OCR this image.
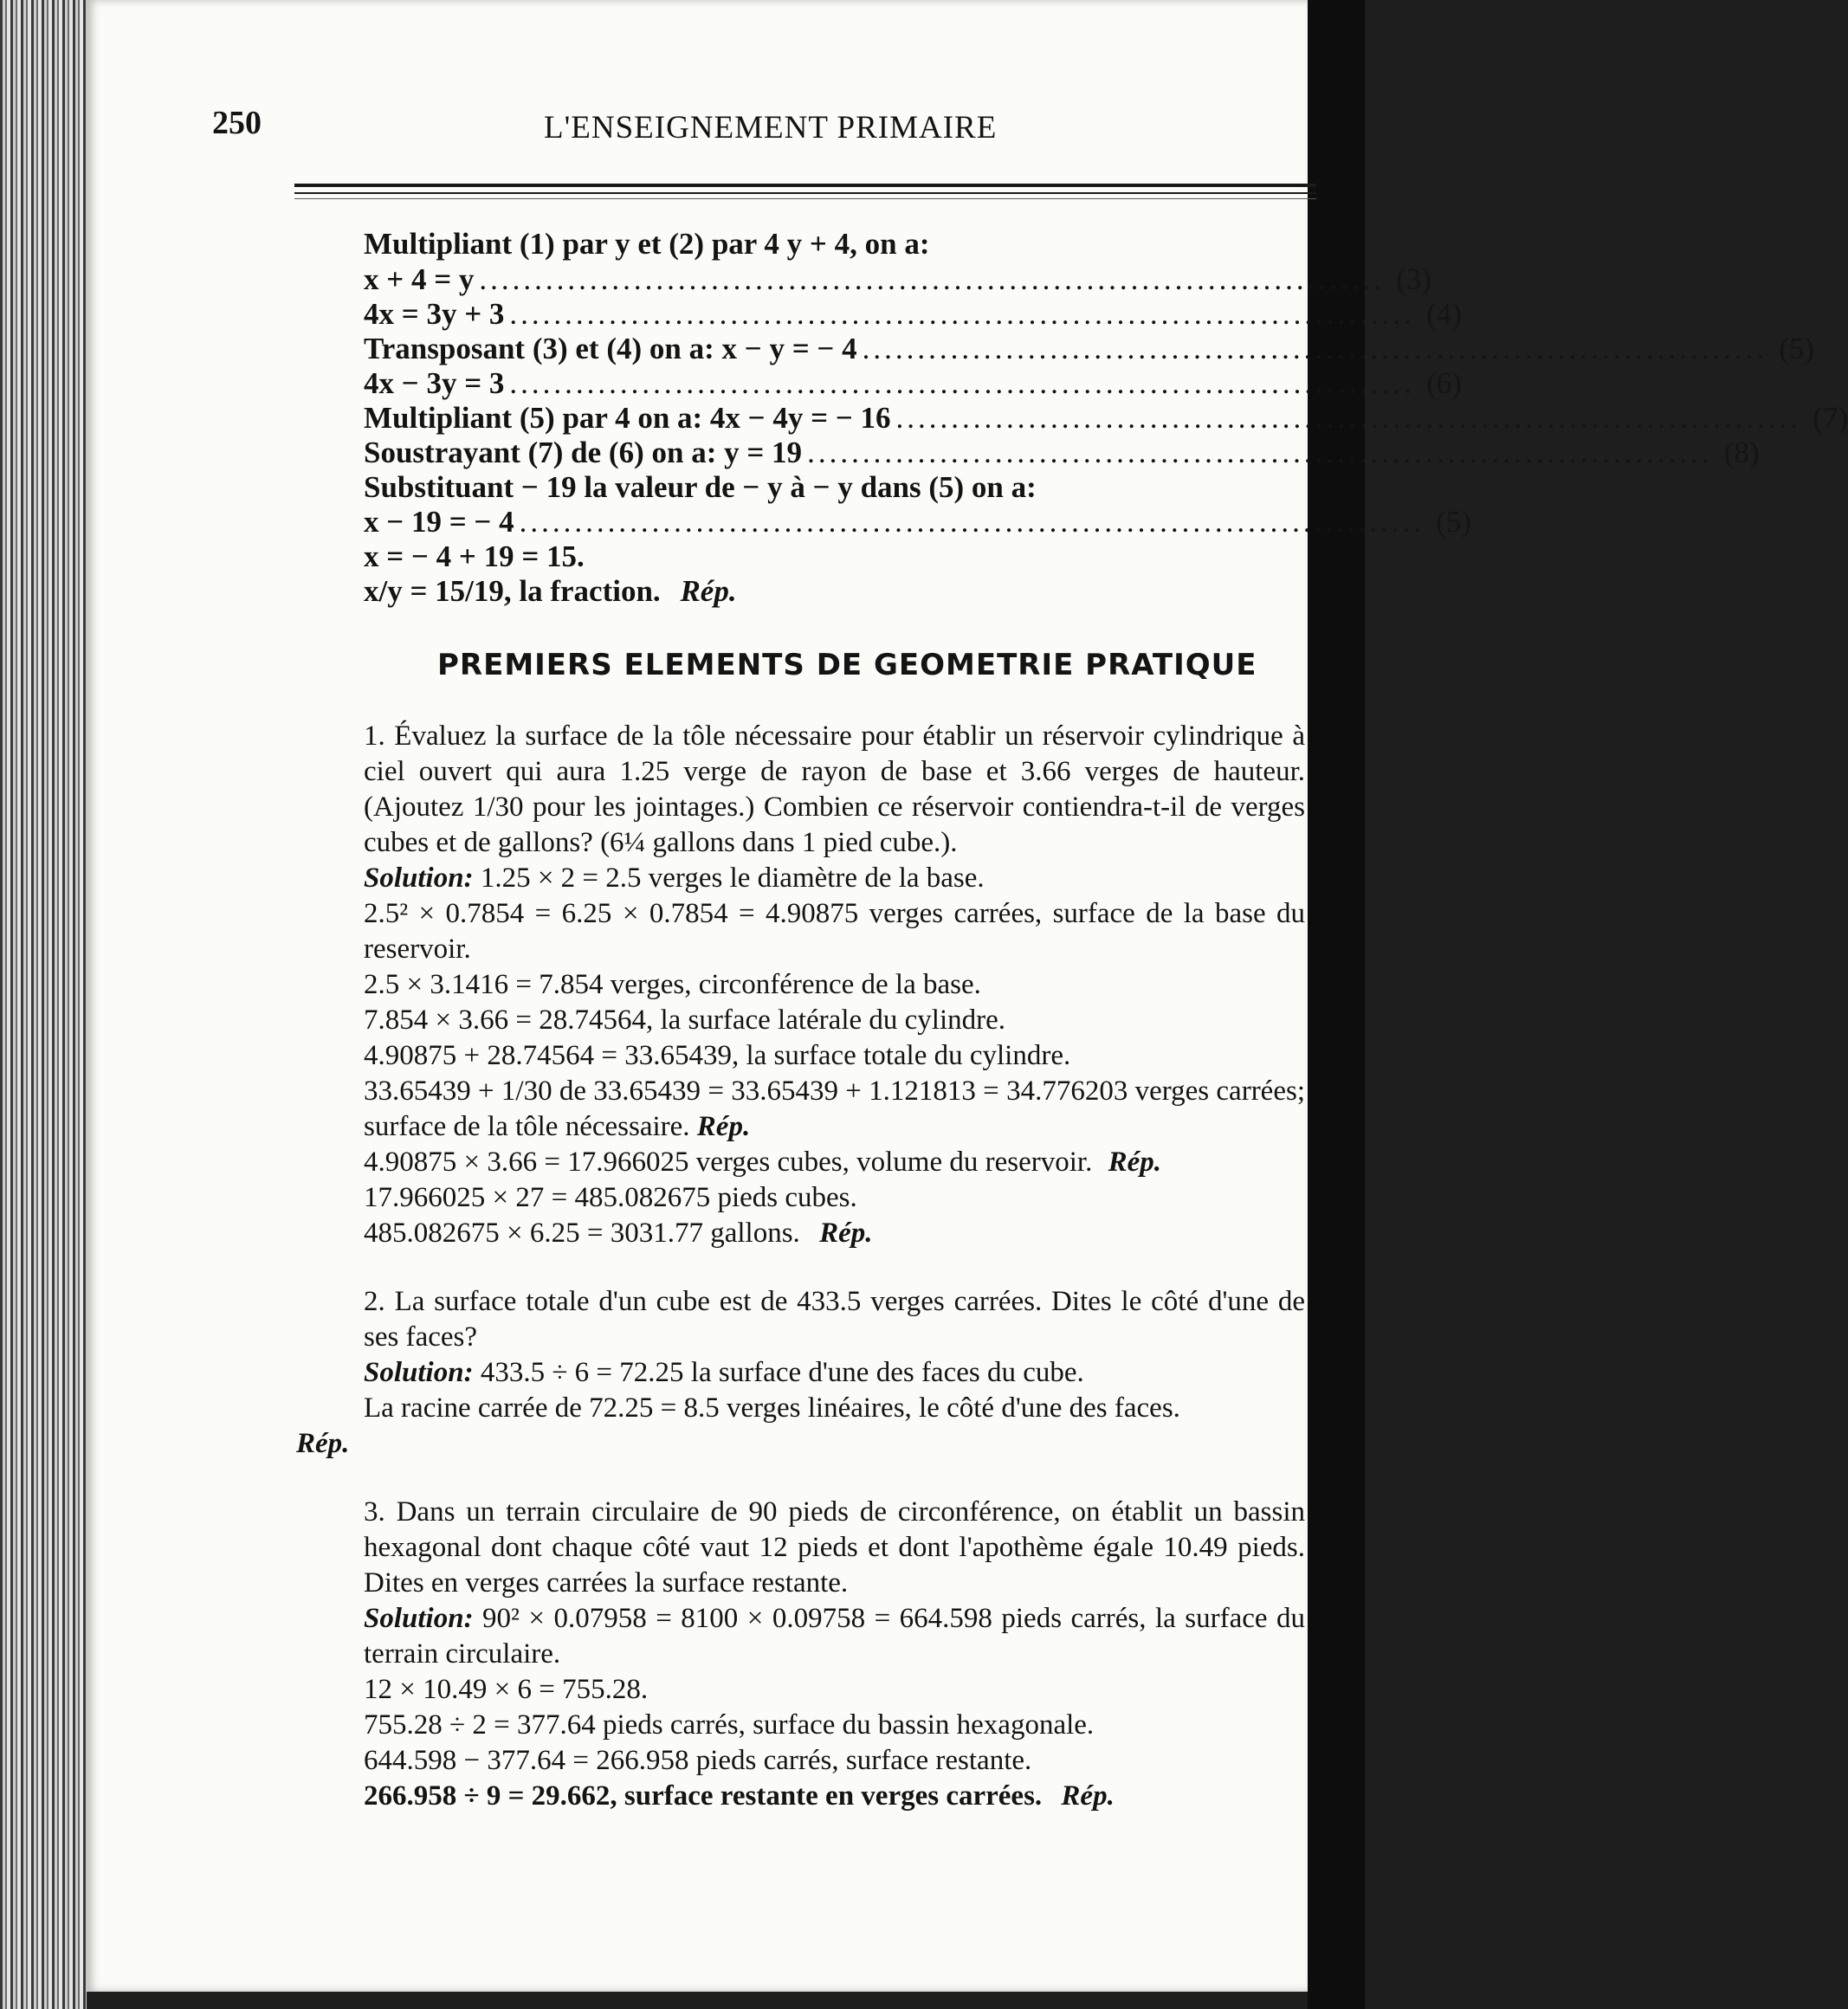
250	L'ENSEIGNEMENT PRIMAIRE
Multipliant (1) par y et (2) par 4 y + 4, on a:
x + 4 = y .................................................................................. (3)
4x = 3y + 3 .................................................................................. (4)
Transposant (3) et (4) on a: x − y = − 4 .................................................................................. (5)
4x − 3y = 3 .................................................................................. (6)
Multipliant (5) par 4 on a: 4x − 4y = − 16 .................................................................................. (7)
Soustrayant (7) de (6) on a: y = 19 .................................................................................. (8)
Substituant − 19 la valeur de − y à − y dans (5) on a:
x − 19 = − 4 .................................................................................. (5)
x = − 4 + 19 = 15.
x/y = 15/19, la fraction. Rép.
PREMIERS ELEMENTS DE GEOMETRIE PRATIQUE
1. Évaluez la surface de la tôle nécessaire pour établir un réservoir cylindrique à ciel ouvert qui aura 1.25 verge de rayon de base et 3.66 verges de hauteur. (Ajoutez 1/30 pour les jointages.) Combien ce réservoir contiendra-t-il de verges cubes et de gallons? (6¼ gallons dans 1 pied cube.).
Solution: 1.25 × 2 = 2.5 verges le diamètre de la base.
2.5² × 0.7854 = 6.25 × 0.7854 = 4.90875 verges carrées, surface de la base du reservoir.
2.5 × 3.1416 = 7.854 verges, circonférence de la base.
7.854 × 3.66 = 28.74564, la surface latérale du cylindre.
4.90875 + 28.74564 = 33.65439, la surface totale du cylindre.
33.65439 + 1/30 de 33.65439 = 33.65439 + 1.121813 = 34.776203 verges carrées; surface de la tôle nécessaire. Rép.
4.90875 × 3.66 = 17.966025 verges cubes, volume du reservoir. Rép.
17.966025 × 27 = 485.082675 pieds cubes.
485.082675 × 6.25 = 3031.77 gallons. Rép.
2. La surface totale d'un cube est de 433.5 verges carrées. Dites le côté d'une de ses faces?
Solution: 433.5 ÷ 6 = 72.25 la surface d'une des faces du cube.
La racine carrée de 72.25 = 8.5 verges linéaires, le côté d'une des faces.
Rép.
3. Dans un terrain circulaire de 90 pieds de circonférence, on établit un bassin hexagonal dont chaque côté vaut 12 pieds et dont l'apothème égale 10.49 pieds. Dites en verges carrées la surface restante.
Solution: 90² × 0.07958 = 8100 × 0.09758 = 664.598 pieds carrés, la surface du terrain circulaire.
12 × 10.49 × 6 = 755.28.
755.28 ÷ 2 = 377.64 pieds carrés, surface du bassin hexagonale.
644.598 − 377.64 = 266.958 pieds carrés, surface restante.
266.958 ÷ 9 = 29.662, surface restante en verges carrées. Rép.
